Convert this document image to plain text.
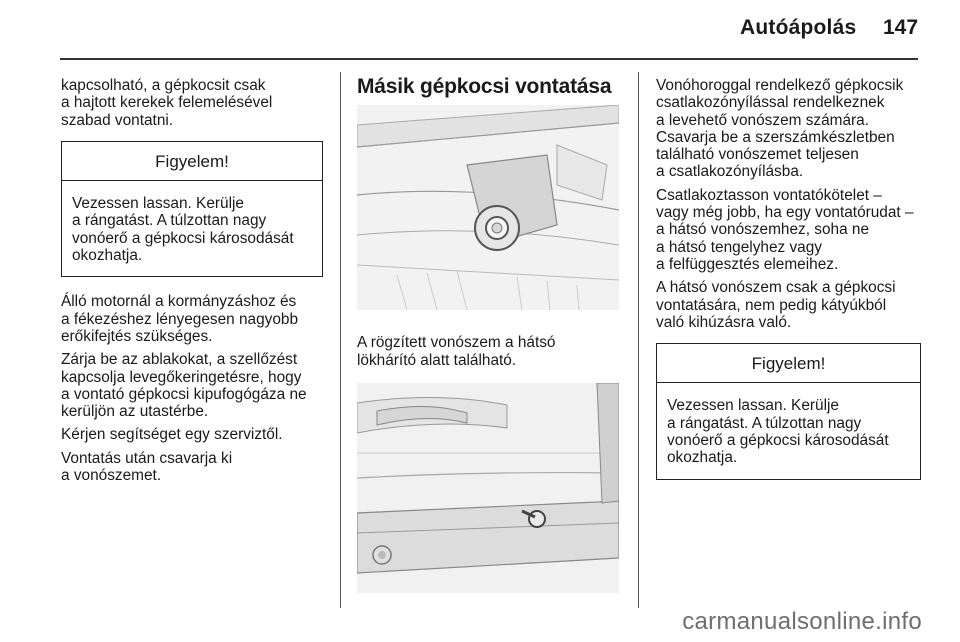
Autóápolás 147

kapcsolható, a gépkocsit csak
a hajtott kerekek felemelésével
szabad vontatni.

Figyelem!
Vezessen lassan. Kerülje
a rángatást. A túlzottan nagy
vonóerő a gépkocsi károsodását
okozhatja.

Álló motornál a kormányzáshoz és
a fékezéshez lényegesen nagyobb
erőkifejtés szükséges.

Zárja be az ablakokat, a szellőzést
kapcsolja levegőkeringetésre, hogy
a vontató gépkocsi kipufogógáza ne
kerüljön az utastérbe.

Kérjen segítséget egy szerviztől.

Vontatás után csavarja ki
a vonószemet.

Másik gépkocsi vontatása

A rögzített vonószem a hátsó
lökhárító alatt található.

Vonóhoroggal rendelkező gépkocsik
csatlakozónyílással rendelkeznek
a levehető vonószem számára.
Csavarja be a szerszámkészletben
található vonószemet teljesen
a csatlakozónyílásba.

Csatlakoztasson vontatókötelet –
vagy még jobb, ha egy vontatórudat –
a hátsó vonószemhez, soha ne
a hátsó tengelyhez vagy
a felfüggesztés elemeihez.

A hátsó vonószem csak a gépkocsi
vontatására, nem pedig kátyúkból
való kihúzásra való.

Figyelem!
Vezessen lassan. Kerülje
a rángatást. A túlzottan nagy
vonóerő a gépkocsi károsodását
okozhatja.
carmanualsonline.info
